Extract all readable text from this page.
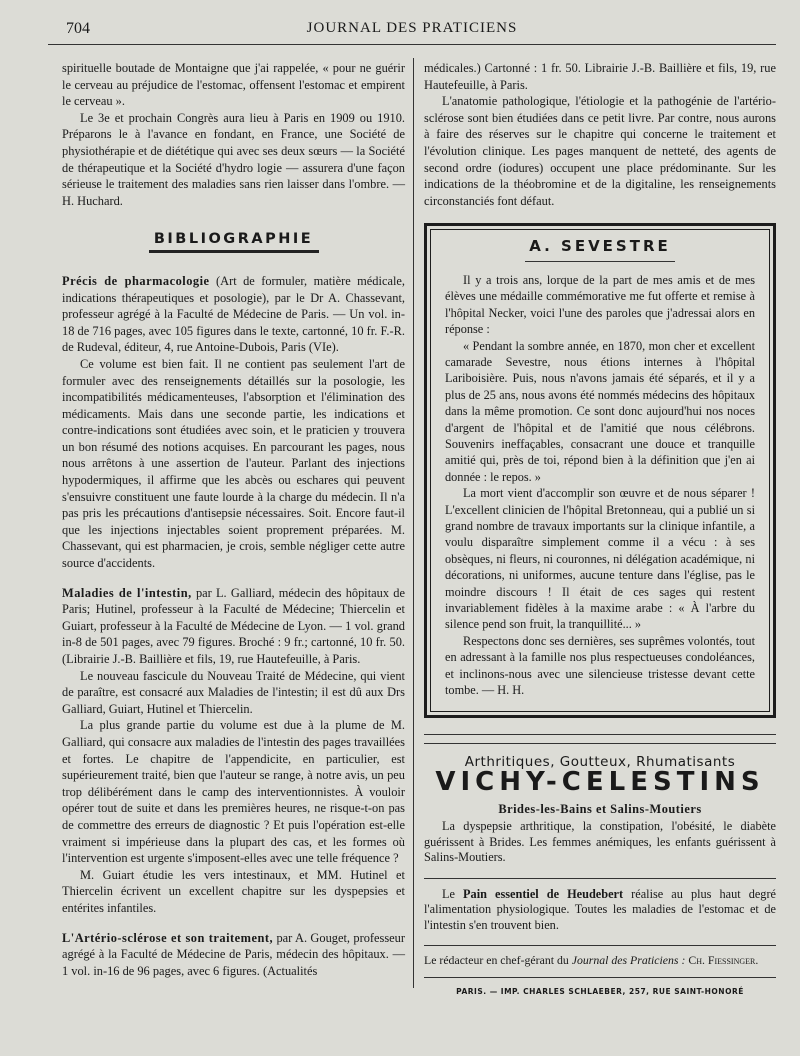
704	JOURNAL DES PRATICIENS

spirituelle boutade de Montaigne que j'ai rappelée, « pour ne guérir le cerveau au préjudice de l'estomac, offensent l'estomac et empirent le cerveau ».

Le 3e et prochain Congrès aura lieu à Paris en 1909 ou 1910. Préparons le à l'avance en fondant, en France, une Société de physiothérapie et de diététique qui avec ses deux sœurs — la Société de thérapeutique et la Société d'hydro logie — assurera d'une façon sérieuse le traitement des maladies sans rien laisser dans l'ombre. — H. Huchard.

BIBLIOGRAPHIE

Précis de pharmacologie (Art de formuler, matière médicale, indications thérapeutiques et posologie), par le Dr A. Chassevant, professeur agrégé à la Faculté de Médecine de Paris. — Un vol. in-18 de 716 pages, avec 105 figures dans le texte, cartonné, 10 fr. F.-R. de Rudeval, éditeur, 4, rue Antoine-Dubois, Paris (VIe).

Ce volume est bien fait. Il ne contient pas seulement l'art de formuler avec des renseignements détaillés sur la posologie, les incompatibilités médicamenteuses, l'absorption et l'élimination des médicaments. Mais dans une seconde partie, les indications et contre-indications sont étudiées avec soin, et le praticien y trouvera un bon résumé des notions acquises. En parcourant les pages, nous nous arrêtons à une assertion de l'auteur. Parlant des injections hypodermiques, il affirme que les abcès ou eschares qui peuvent s'ensuivre constituent une faute lourde à la charge du médecin. Il n'a pas pris les précautions d'antisepsie nécessaires. Soit. Encore faut-il que les injections injectables soient proprement préparées. M. Chassevant, qui est pharmacien, je crois, semble négliger cette autre source d'accidents.

Maladies de l'intestin, par L. Galliard, médecin des hôpitaux de Paris; Hutinel, professeur à la Faculté de Médecine; Thiercelin et Guiart, professeur à la Faculté de Médecine de Lyon. — 1 vol. grand in-8 de 501 pages, avec 79 figures. Broché : 9 fr.; cartonné, 10 fr. 50. (Librairie J.-B. Baillière et fils, 19, rue Hautefeuille, à Paris.

Le nouveau fascicule du Nouveau Traité de Médecine, qui vient de paraître, est consacré aux Maladies de l'intestin; il est dû aux Drs Galliard, Guiart, Hutinel et Thiercelin.

La plus grande partie du volume est due à la plume de M. Galliard, qui consacre aux maladies de l'intestin des pages travaillées et fortes. Le chapitre de l'appendicite, en particulier, est supérieurement traité, bien que l'auteur se range, à notre avis, un peu trop délibérément dans le camp des interventionnistes. À vouloir opérer tout de suite et dans les premières heures, ne risque-t-on pas de commettre des erreurs de diagnostic ? Et puis l'opération est-elle vraiment si impérieuse dans la plupart des cas, et les formes où l'intervention est urgente s'imposent-elles avec une telle fréquence ?

M. Guiart étudie les vers intestinaux, et MM. Hutinel et Thiercelin écrivent un excellent chapitre sur les dyspepsies et entérites infantiles.

L'Artério-sclérose et son traitement, par A. Gouget, professeur agrégé à la Faculté de Médecine de Paris, médecin des hôpitaux. — 1 vol. in-16 de 96 pages, avec 6 figures. (Actualités

médicales.) Cartonné : 1 fr. 50. Librairie J.-B. Baillière et fils, 19, rue Hautefeuille, à Paris.

L'anatomie pathologique, l'étiologie et la pathogénie de l'artério-sclérose sont bien étudiées dans ce petit livre. Par contre, nous aurons à faire des réserves sur le chapitre qui concerne le traitement et l'évolution clinique. Les pages manquent de netteté, des agents de second ordre (iodures) occupent une place prédominante. Sur les indications de la théobromine et de la digitaline, les renseignements circonstanciés font défaut.

A. SEVESTRE

Il y a trois ans, lorque de la part de mes amis et de mes élèves une médaille commémorative me fut offerte et remise à l'hôpital Necker, voici l'une des paroles que j'adressai alors en réponse :

« Pendant la sombre année, en 1870, mon cher et excellent camarade Sevestre, nous étions internes à l'hôpital Lariboisière. Puis, nous n'avons jamais été séparés, et il y a plus de 25 ans, nous avons été nommés médecins des hôpitaux dans la même promotion. Ce sont donc aujourd'hui nos noces d'argent de l'hôpital et de l'amitié que nous célébrons. Souvenirs ineffaçables, consacrant une douce et tranquille amitié qui, près de toi, répond bien à la définition que j'en ai donnée : le repos. »

La mort vient d'accomplir son œuvre et de nous séparer ! L'excellent clinicien de l'hôpital Bretonneau, qui a publié un si grand nombre de travaux importants sur la clinique infantile, a voulu disparaître simplement comme il a vécu : à ses obsèques, ni fleurs, ni couronnes, ni délégation académique, ni décorations, ni uniformes, aucune tenture dans l'église, pas le moindre discours ! Il était de ces sages qui restent invariablement fidèles à la maxime arabe : « À l'arbre du silence pend son fruit, la tranquillité... »

Respectons donc ses dernières, ses suprêmes volontés, tout en adressant à la famille nos plus respectueuses condoléances, et inclinons-nous avec une silencieuse tristesse devant cette tombe. — H. H.

Arthritiques, Goutteux, Rhumatisants
VICHY-CELESTINS
Brides-les-Bains et Salins-Moutiers

La dyspepsie arthritique, la constipation, l'obésité, le diabète guérissent à Brides. Les femmes anémiques, les enfants guérissent à Salins-Moutiers.

Le Pain essentiel de Heudebert réalise au plus haut degré l'alimentation physiologique. Toutes les maladies de l'estomac et de l'intestin s'en trouvent bien.

Le rédacteur en chef-gérant du Journal des Praticiens : Ch. Fiessinger.

PARIS. — IMP. CHARLES SCHLAEBER, 257, RUE SAINT-HONORÉ
